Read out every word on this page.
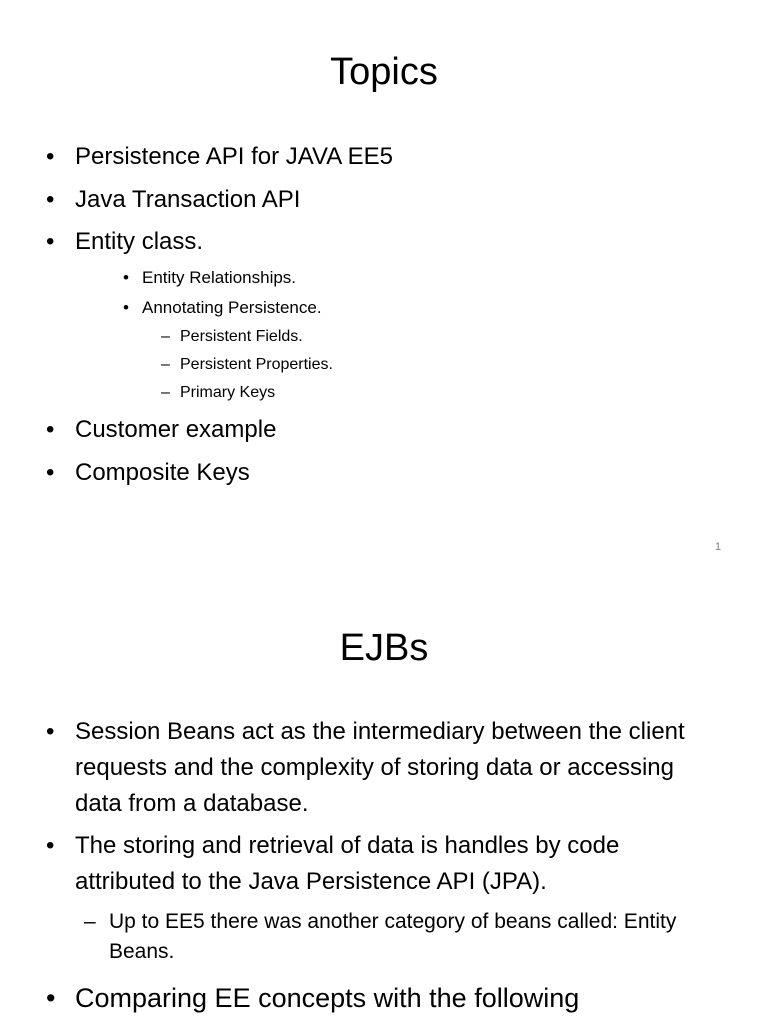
Topics
• Persistence API for JAVA EE5
• Java Transaction API
• Entity class.
• Entity Relationships.
• Annotating Persistence.
– Persistent Fields.
– Persistent Properties.
– Primary Keys
• Customer example
• Composite Keys
1
EJBs
• Session Beans act as the intermediary between the client requests and the complexity of storing data or accessing data from a database.
• The storing and retrieval of data is handles by code attributed to the Java Persistence API (JPA).
– Up to EE5 there was another category of beans called: Entity Beans.
• Comparing EE concepts with the following
